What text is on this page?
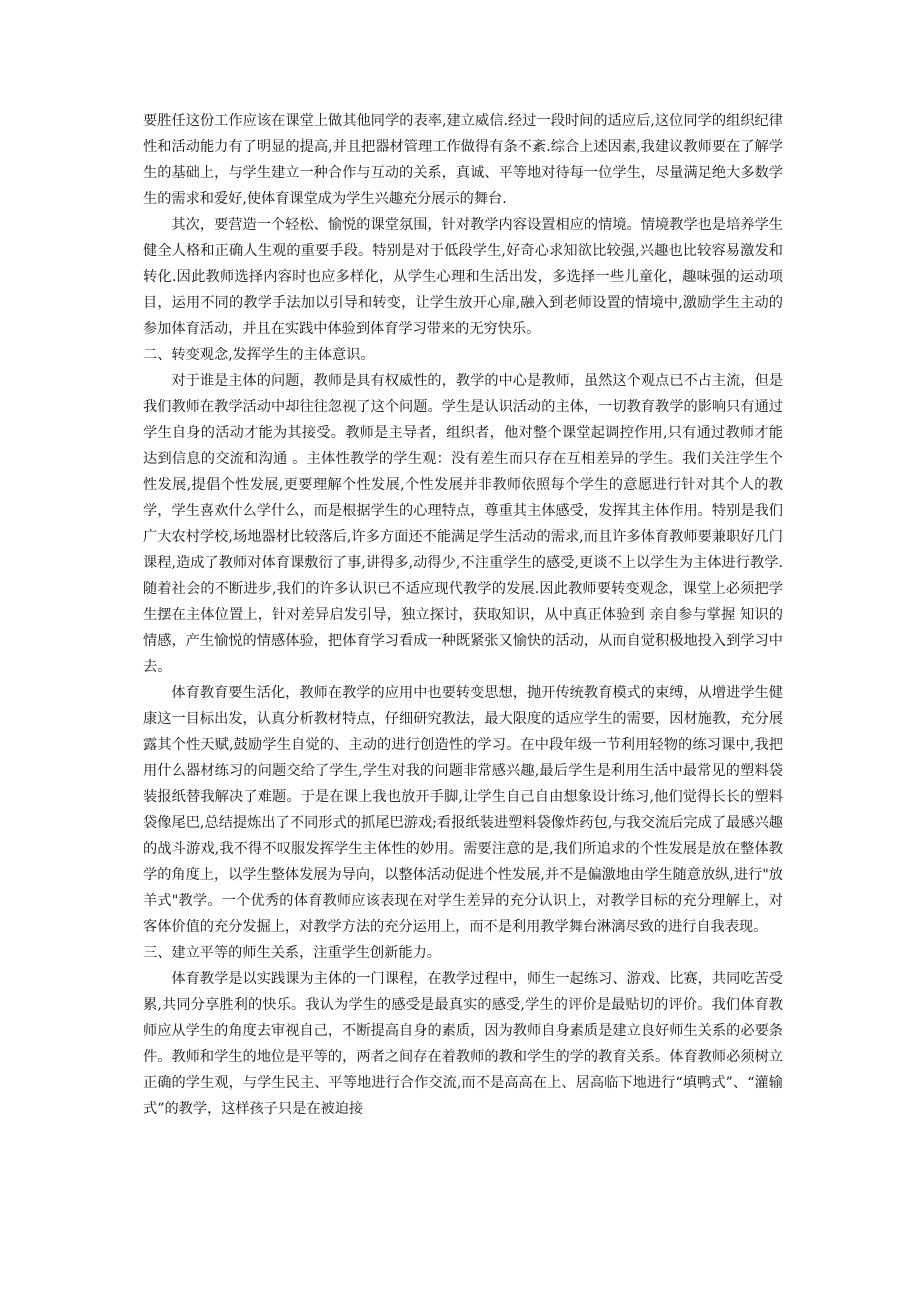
要胜任这份工作应该在课堂上做其他同学的表率,建立威信.经过一段时间的适应后,这位同学的组织纪律性和活动能力有了明显的提高,并且把器材管理工作做得有条不紊.综合上述因素,我建议教师要在了解学生的基础上，与学生建立一种合作与互动的关系，真诚、平等地对待每一位学生，尽量满足绝大多数学生的需求和爱好,使体育课堂成为学生兴趣充分展示的舞台.

其次，要营造一个轻松、愉悦的课堂氛围，针对教学内容设置相应的情境。情境教学也是培养学生健全人格和正确人生观的重要手段。特别是对于低段学生,好奇心求知欲比较强,兴趣也比较容易激发和转化.因此教师选择内容时也应多样化，从学生心理和生活出发，多选择一些儿童化，趣味强的运动项目，运用不同的教学手法加以引导和转变，让学生放开心扉,融入到老师设置的情境中,激励学生主动的参加体育活动，并且在实践中体验到体育学习带来的无穷快乐。

二、转变观念,发挥学生的主体意识。

对于谁是主体的问题，教师是具有权威性的，教学的中心是教师，虽然这个观点已不占主流，但是我们教师在教学活动中却往往忽视了这个问题。学生是认识活动的主体，一切教育教学的影响只有通过学生自身的活动才能为其接受。教师是主导者，组织者，他对整个课堂起调控作用,只有通过教师才能达到信息的交流和沟通 。主体性教学的学生观：没有差生而只存在互相差异的学生。我们关注学生个性发展,提倡个性发展,更要理解个性发展,个性发展并非教师依照每个学生的意愿进行针对其个人的教学，学生喜欢什么学什么，而是根据学生的心理特点，尊重其主体感受，发挥其主体作用。特别是我们广大农村学校,场地器材比较落后,许多方面还不能满足学生活动的需求,而且许多体育教师要兼职好几门课程,造成了教师对体育课敷衍了事,讲得多,动得少,不注重学生的感受,更谈不上以学生为主体进行教学.随着社会的不断进步,我们的许多认识已不适应现代教学的发展.因此教师要转变观念，课堂上必须把学生摆在主体位置上，针对差异启发引导，独立探讨，获取知识，从中真正体验到 亲自参与掌握 知识的情感，产生愉悦的情感体验，把体育学习看成一种既紧张又愉快的活动，从而自觉积极地投入到学习中去。

体育教育要生活化，教师在教学的应用中也要转变思想，抛开传统教育模式的束缚，从增进学生健康这一目标出发，认真分析教材特点，仔细研究教法，最大限度的适应学生的需要，因材施教，充分展露其个性天赋,鼓励学生自觉的、主动的进行创造性的学习。在中段年级一节利用轻物的练习课中,我把用什么器材练习的问题交给了学生,学生对我的问题非常感兴趣,最后学生是利用生活中最常见的塑料袋装报纸替我解决了难题。于是在课上我也放开手脚,让学生自己自由想象设计练习,他们觉得长长的塑料袋像尾巴,总结提炼出了不同形式的抓尾巴游戏;看报纸装进塑料袋像炸药包,与我交流后完成了最感兴趣的战斗游戏,我不得不叹服发挥学生主体性的妙用。需要注意的是,我们所追求的个性发展是放在整体教学的角度上，以学生整体发展为导向，以整体活动促进个性发展,并不是偏激地由学生随意放纵,进行"放羊式"教学。一个优秀的体育教师应该表现在对学生差异的充分认识上，对教学目标的充分理解上，对客体价值的充分发掘上，对教学方法的充分运用上，而不是利用教学舞台淋漓尽致的进行自我表现。

三、建立平等的师生关系，注重学生创新能力。

体育教学是以实践课为主体的一门课程，在教学过程中，师生一起练习、游戏、比赛，共同吃苦受累,共同分享胜利的快乐。我认为学生的感受是最真实的感受,学生的评价是最贴切的评价。我们体育教师应从学生的角度去审视自己，不断提高自身的素质，因为教师自身素质是建立良好师生关系的必要条件。教师和学生的地位是平等的，两者之间存在着教师的教和学生的学的教育关系。体育教师必须树立正确的学生观，与学生民主、平等地进行合作交流,而不是高高在上、居高临下地进行“填鸭式”、“灌输式”的教学，这样孩子只是在被迫接
